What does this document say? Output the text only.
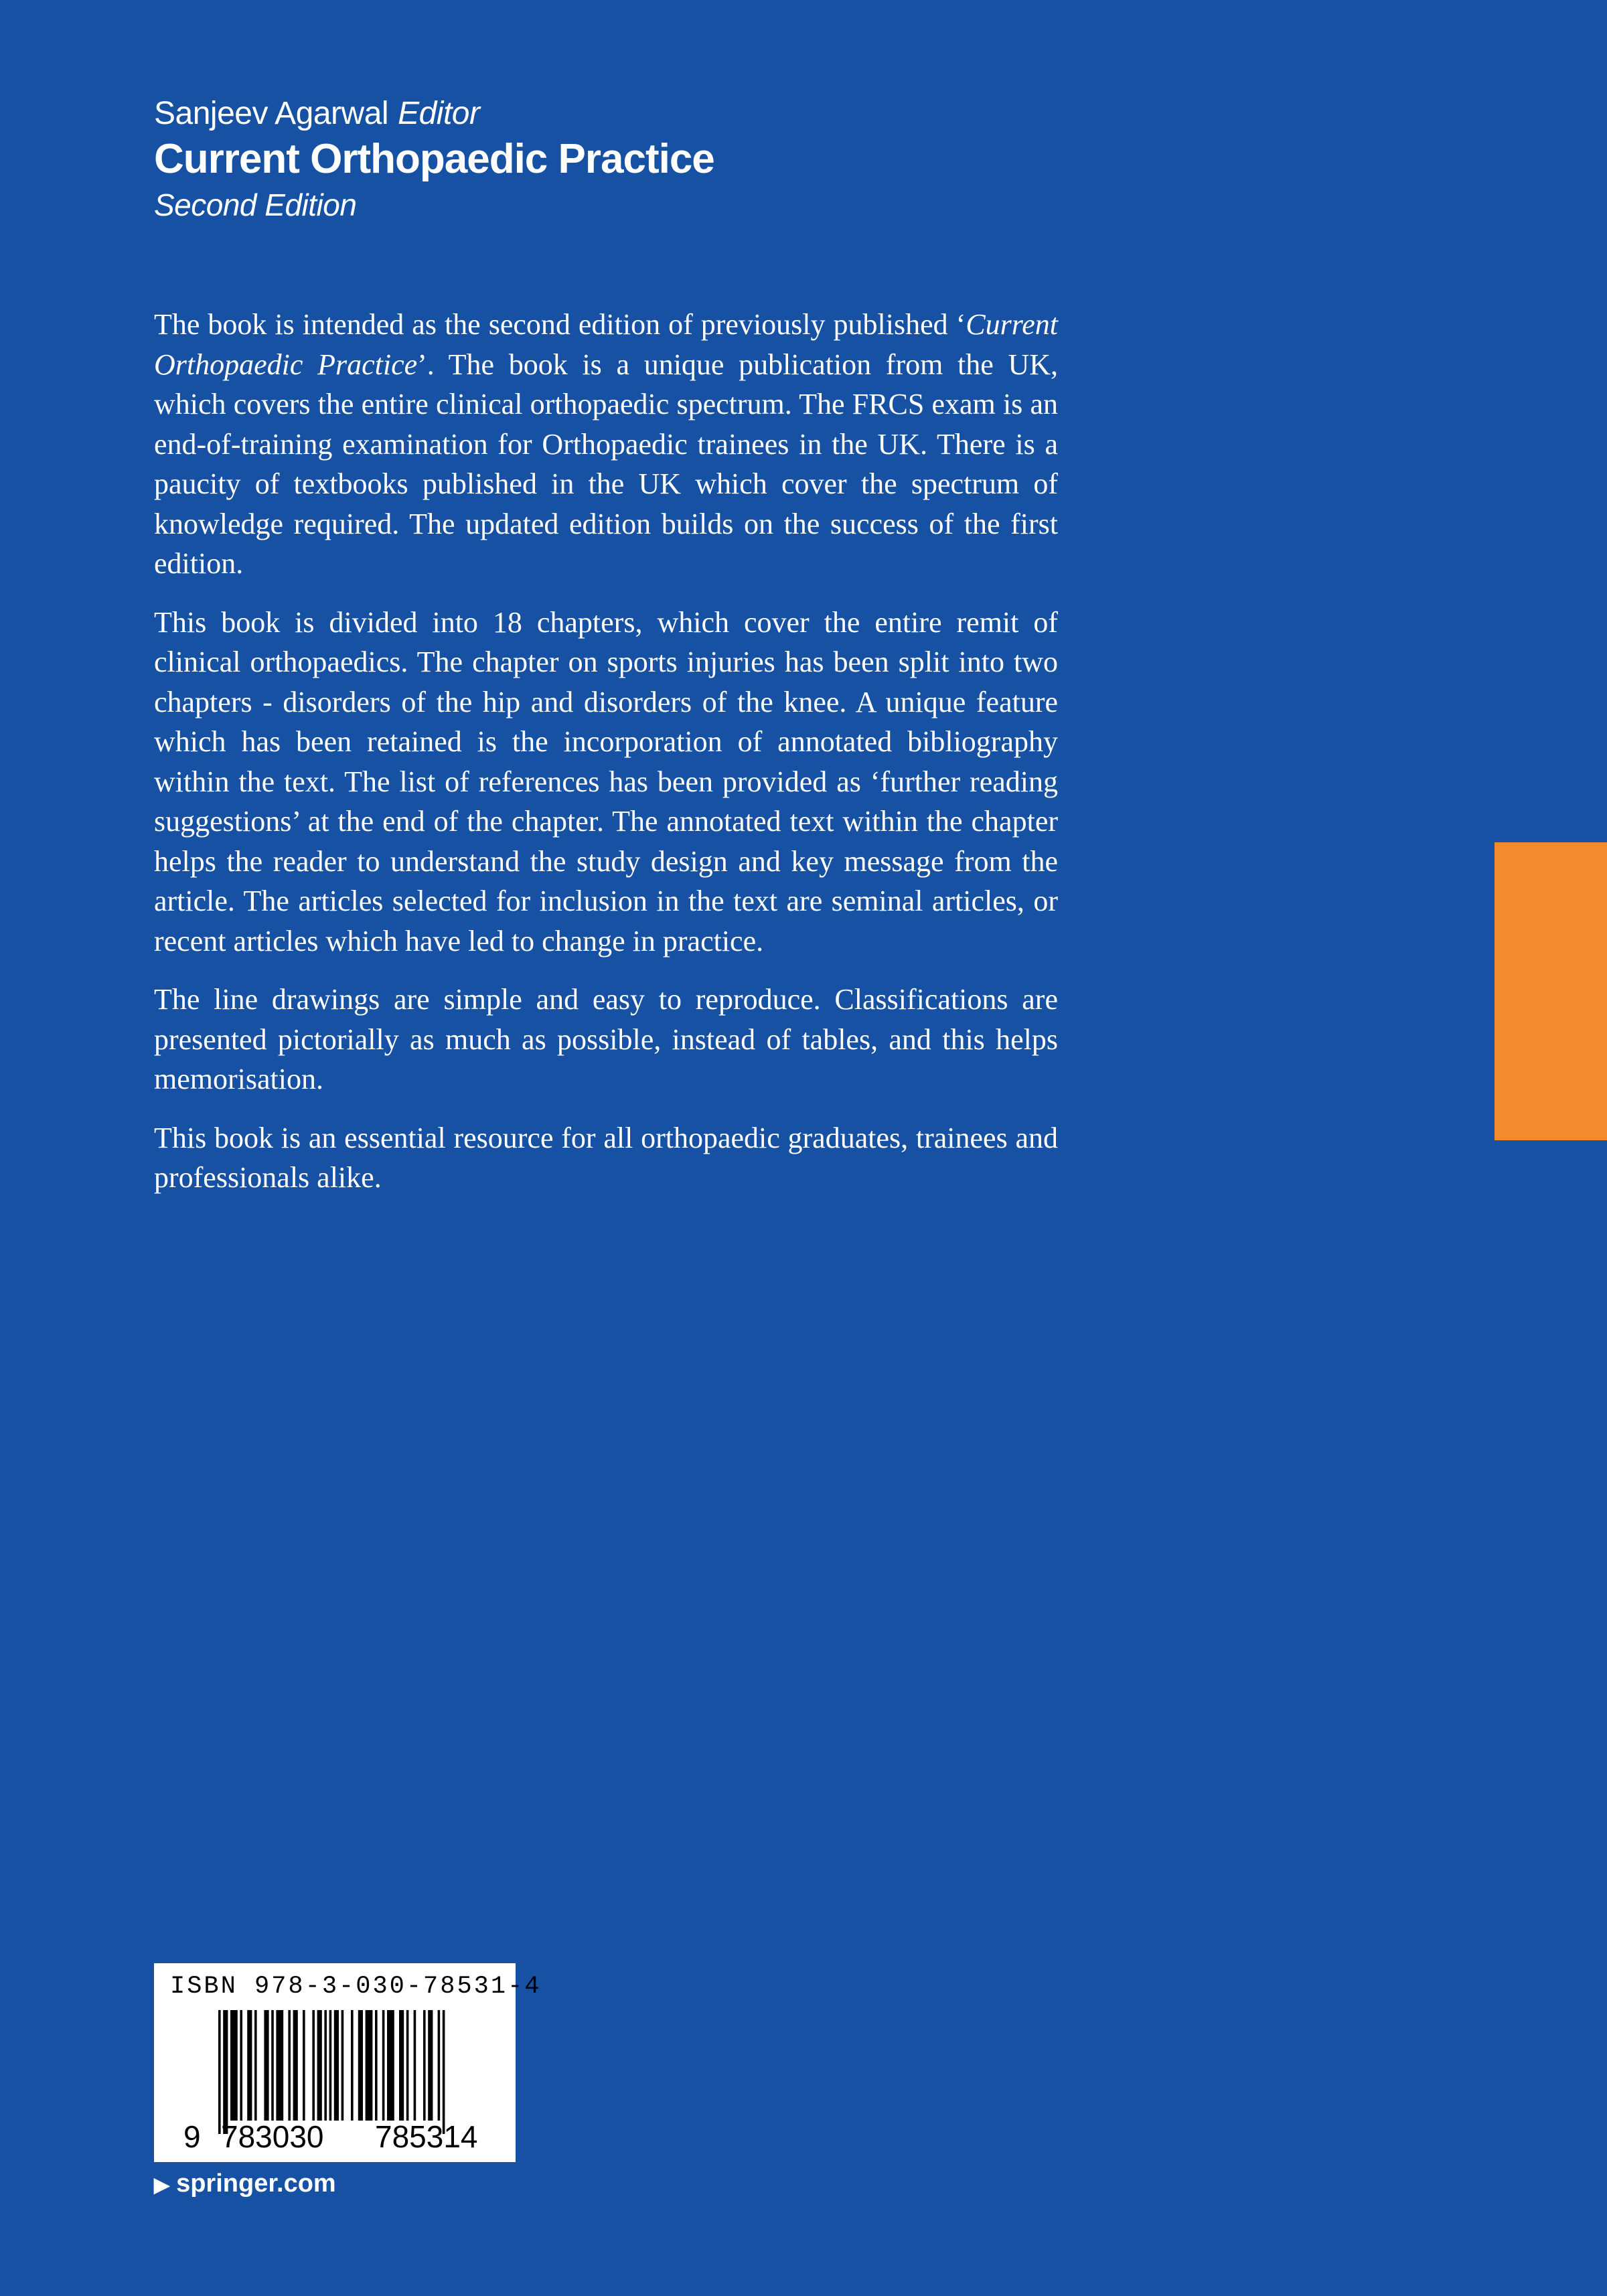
Sanjeev Agarwal Editor
Current Orthopaedic Practice
Second Edition

The book is intended as the second edition of previously published ‘Current Orthopaedic Practice’. The book is a unique publication from the UK, which covers the entire clinical orthopaedic spectrum. The FRCS exam is an end-of-training examination for Orthopaedic trainees in the UK. There is a paucity of textbooks published in the UK which cover the spectrum of knowledge required. The updated edition builds on the success of the first edition.

This book is divided into 18 chapters, which cover the entire remit of clinical orthopaedics. The chapter on sports injuries has been split into two chapters - disorders of the hip and disorders of the knee. A unique feature which has been retained is the incorporation of annotated bibliography within the text. The list of references has been provided as ‘further reading suggestions’ at the end of the chapter. The annotated text within the chapter helps the reader to understand the study design and key message from the article. The articles selected for inclusion in the text are seminal articles, or recent articles which have led to change in practice.

The line drawings are simple and easy to reproduce. Classifications are presented pictorially as much as possible, instead of tables, and this helps memorisation.

This book is an essential resource for all orthopaedic graduates, trainees and professionals alike.

ISBN 978-3-030-78531-4
9 783030 785314
▶ springer.com
